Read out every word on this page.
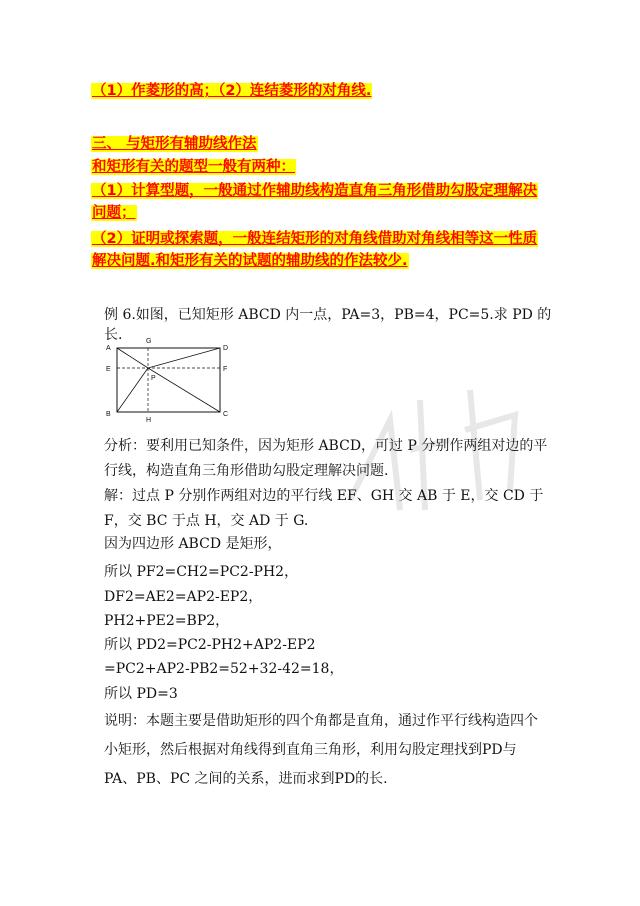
（1）作菱形的高；（2）连结菱形的对角线.
三、 与矩形有辅助线作法
和矩形有关的题型一般有两种：
（1）计算型题，一般通过作辅助线构造直角三角形借助勾股定理解决问题；
（2）证明或探索题，一般连结矩形的对角线借助对角线相等这一性质解决问题.和矩形有关的试题的辅助线的作法较少.
例 6.如图，已知矩形 ABCD 内一点，PA=3，PB=4，PC=5.求 PD 的长.
A
B	C
D
E	F
G
H
P
分析：要利用已知条件，因为矩形 ABCD，可过 P 分别作两组对边的平行线，构造直角三角形借助勾股定理解决问题.
解：过点 P 分别作两组对边的平行线 EF、GH 交 AB 于 E，交 CD 于 F，交 BC 于点 H，交 AD 于 G.
因为四边形 ABCD 是矩形，
所以 PF2=CH2=PC2-PH2，
DF2=AE2=AP2-EP2，
PH2+PE2=BP2，
所以 PD2=PC2-PH2+AP2-EP2
=PC2+AP2-PB2=52+32-42=18，
所以 PD=3
说明：本题主要是借助矩形的四个角都是直角，通过作平行线构造四个小矩形，然后根据对角线得到直角三角形，利用勾股定理找到PD与 PA、PB、PC 之间的关系，进而求到PD的长.
